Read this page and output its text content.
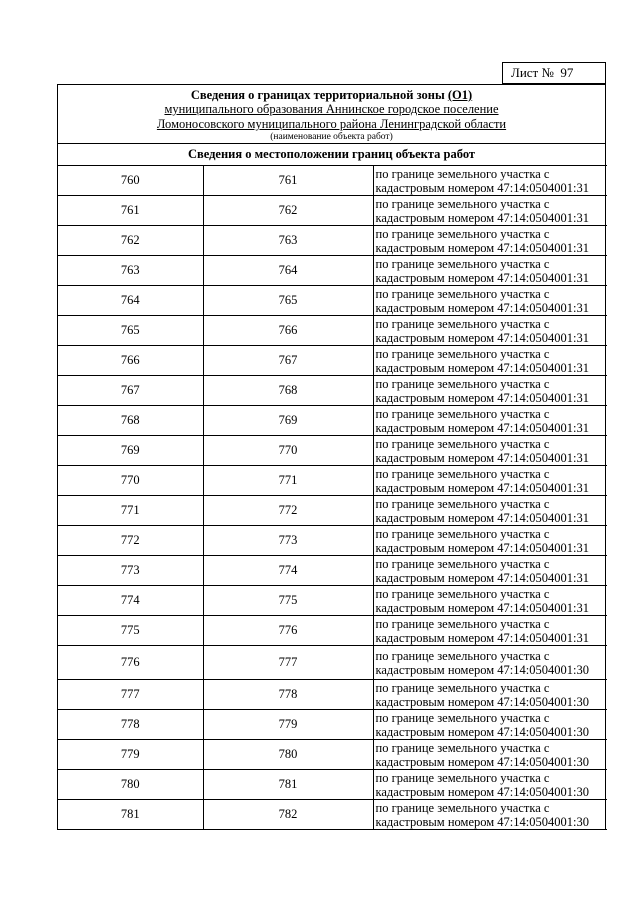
Лист № 97
Сведения о границах территориальной зоны (О1)
муниципального образования Аннинское городское поселение
Ломоносовского муниципального района Ленинградской области
(наименование объекта работ)
Сведения о местоположении границ объекта работ
760	761	по границе земельного участка с
кадастровым номером 47:14:0504001:31

761	762	по границе земельного участка с
кадастровым номером 47:14:0504001:31

762	763	по границе земельного участка с
кадастровым номером 47:14:0504001:31

763	764	по границе земельного участка с
кадастровым номером 47:14:0504001:31

764	765	по границе земельного участка с
кадастровым номером 47:14:0504001:31

765	766	по границе земельного участка с
кадастровым номером 47:14:0504001:31

766	767	по границе земельного участка с
кадастровым номером 47:14:0504001:31

767	768	по границе земельного участка с
кадастровым номером 47:14:0504001:31

768	769	по границе земельного участка с
кадастровым номером 47:14:0504001:31

769	770	по границе земельного участка с
кадастровым номером 47:14:0504001:31

770	771	по границе земельного участка с
кадастровым номером 47:14:0504001:31

771	772	по границе земельного участка с
кадастровым номером 47:14:0504001:31

772	773	по границе земельного участка с
кадастровым номером 47:14:0504001:31

773	774	по границе земельного участка с
кадастровым номером 47:14:0504001:31

774	775	по границе земельного участка с
кадастровым номером 47:14:0504001:31

775	776	по границе земельного участка с
кадастровым номером 47:14:0504001:31

776	777	по границе земельного участка с
кадастровым номером 47:14:0504001:30

777	778	по границе земельного участка с
кадастровым номером 47:14:0504001:30

778	779	по границе земельного участка с
кадастровым номером 47:14:0504001:30

779	780	по границе земельного участка с
кадастровым номером 47:14:0504001:30

780	781	по границе земельного участка с
кадастровым номером 47:14:0504001:30

781	782	по границе земельного участка с
кадастровым номером 47:14:0504001:30
